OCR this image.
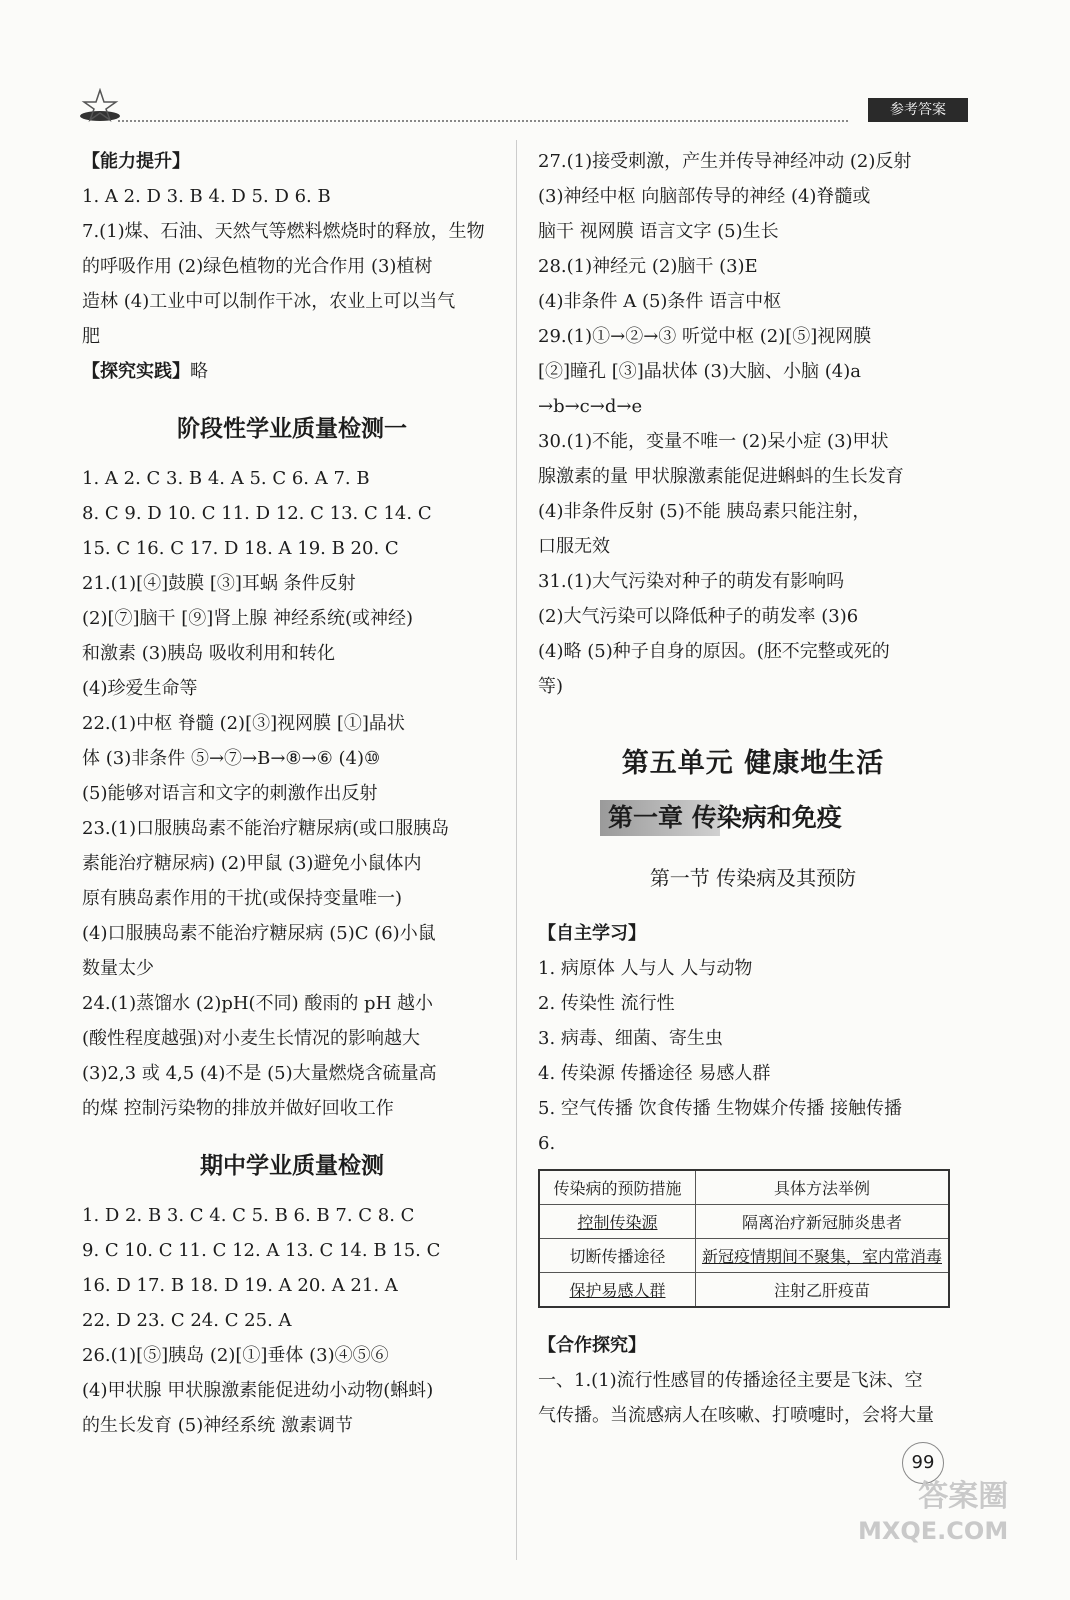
参考答案

【能力提升】

1. A 2. D 3. B 4. D 5. D 6. B

7.(1)煤、石油、天然气等燃料燃烧时的释放，生物

的呼吸作用 (2)绿色植物的光合作用 (3)植树

造林 (4)工业中可以制作干冰，农业上可以当气

肥

【探究实践】略

阶段性学业质量检测一

1. A 2. C 3. B 4. A 5. C 6. A 7. B

8. C 9. D 10. C 11. D 12. C 13. C 14. C

15. C 16. C 17. D 18. A 19. B 20. C

21.(1)[④]鼓膜 [③]耳蜗 条件反射

(2)[⑦]脑干 [⑨]肾上腺 神经系统(或神经)

和激素 (3)胰岛 吸收利用和转化

(4)珍爱生命等

22.(1)中枢 脊髓 (2)[③]视网膜 [①]晶状

体 (3)非条件 ⑤→⑦→B→⑧→⑥ (4)⑩

(5)能够对语言和文字的刺激作出反射

23.(1)口服胰岛素不能治疗糖尿病(或口服胰岛

素能治疗糖尿病) (2)甲鼠 (3)避免小鼠体内

原有胰岛素作用的干扰(或保持变量唯一)

(4)口服胰岛素不能治疗糖尿病 (5)C (6)小鼠

数量太少

24.(1)蒸馏水 (2)pH(不同) 酸雨的 pH 越小

(酸性程度越强)对小麦生长情况的影响越大

(3)2,3 或 4,5 (4)不是 (5)大量燃烧含硫量高

的煤 控制污染物的排放并做好回收工作

期中学业质量检测

1. D 2. B 3. C 4. C 5. B 6. B 7. C 8. C

9. C 10. C 11. C 12. A 13. C 14. B 15. C

16. D 17. B 18. D 19. A 20. A 21. A

22. D 23. C 24. C 25. A

26.(1)[⑤]胰岛 (2)[①]垂体 (3)④⑤⑥

(4)甲状腺 甲状腺激素能促进幼小动物(蝌蚪)

的生长发育 (5)神经系统 激素调节

27.(1)接受刺激，产生并传导神经冲动 (2)反射

(3)神经中枢 向脑部传导的神经 (4)脊髓或

脑干 视网膜 语言文字 (5)生长

28.(1)神经元 (2)脑干 (3)E

(4)非条件 A (5)条件 语言中枢

29.(1)①→②→③ 听觉中枢 (2)[⑤]视网膜

[②]瞳孔 [③]晶状体 (3)大脑、小脑 (4)a

→b→c→d→e

30.(1)不能，变量不唯一 (2)呆小症 (3)甲状

腺激素的量 甲状腺激素能促进蝌蚪的生长发育

(4)非条件反射 (5)不能 胰岛素只能注射，

口服无效

31.(1)大气污染对种子的萌发有影响吗

(2)大气污染可以降低种子的萌发率 (3)6

(4)略 (5)种子自身的原因。(胚不完整或死的

等)

第五单元 健康地生活
第一章 传染病和免疫
第一节 传染病及其预防

【自主学习】

1. 病原体 人与人 人与动物

2. 传染性 流行性

3. 病毒、细菌、寄生虫

4. 传染源 传播途径 易感人群

5. 空气传播 饮食传播 生物媒介传播 接触传播

6.

传染病的预防措施	具体方法举例
控制传染源	隔离治疗新冠肺炎患者
切断传播途径	新冠疫情期间不聚集，室内常消毒
保护易感人群	注射乙肝疫苗

【合作探究】

一、1.(1)流行性感冒的传播途径主要是飞沫、空

气传播。当流感病人在咳嗽、打喷嚏时，会将大量

99
答案圈
MXQE.COM
